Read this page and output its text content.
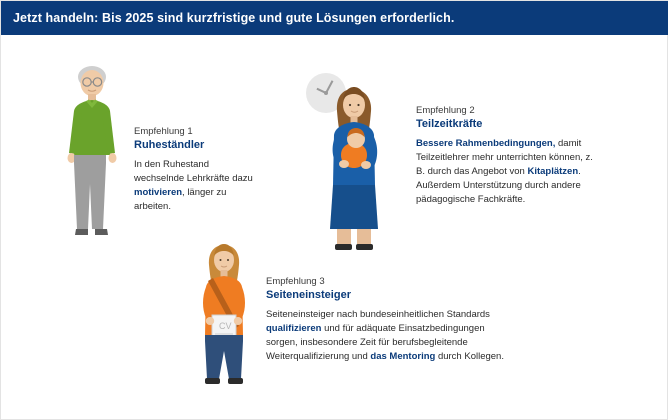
Jetzt handeln: Bis 2025 sind kurzfristige und gute Lösungen erforderlich.
Empfehlung 1
Ruheständler
In den Ruhestand wechselnde Lehrkräfte dazu motivieren, länger zu arbeiten.
Empfehlung 2
Teilzeitkräfte
Bessere Rahmenbedingungen, damit Teilzeitlehrer mehr unterrichten können, z. B. durch das Angebot von Kitaplätzen. Außerdem Unterstützung durch andere pädagogische Fachkräfte.
CV
Empfehlung 3
Seiteneinsteiger
Seiteneinsteiger nach bundeseinheitlichen Standards qualifizieren und für adäquate Einsatzbedingungen sorgen, insbesondere Zeit für berufsbegleitende Weiterqualifizierung und das Mentoring durch Kollegen.
